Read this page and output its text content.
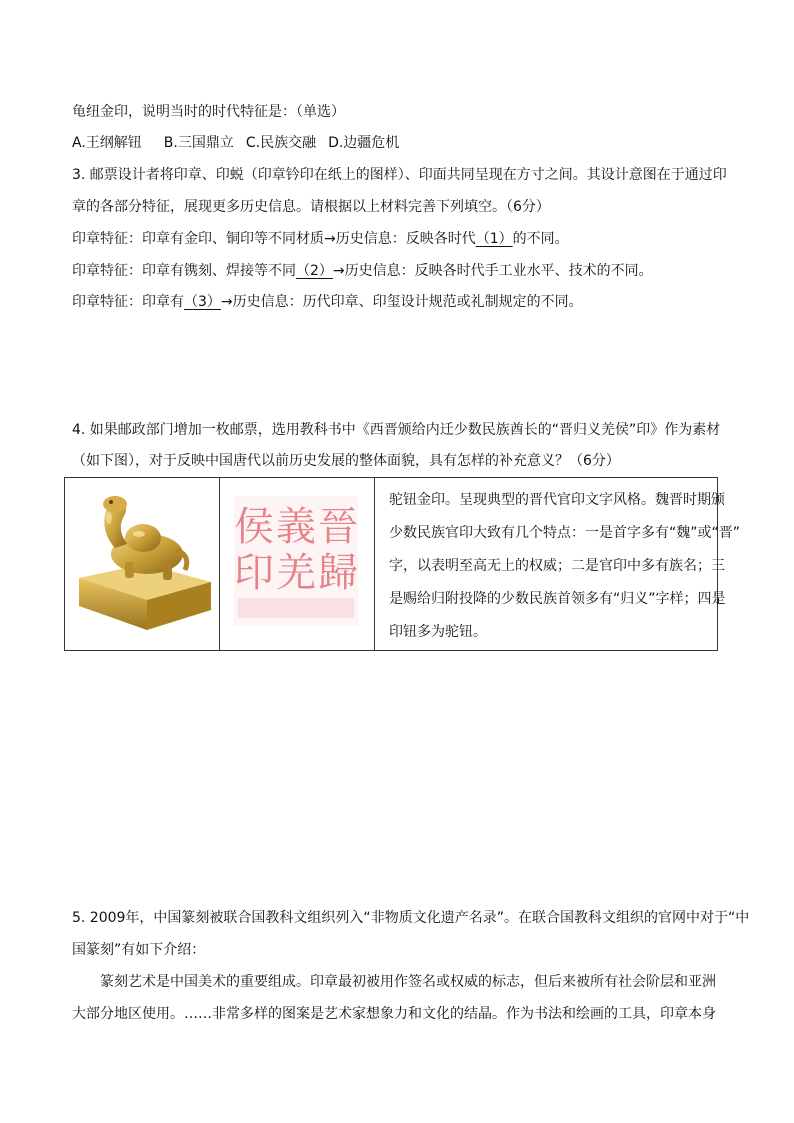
龟纽金印，说明当时的时代特征是：（单选）
A.王纲解钮 B.三国鼎立 C.民族交融 D.边疆危机
3. 邮票设计者将印章、印蜕（印章钤印在纸上的图样）、印面共同呈现在方寸之间。其设计意图在于通过印
章的各部分特征，展现更多历史信息。请根据以上材料完善下列填空。（6分）
印章特征：印章有金印、铜印等不同材质→历史信息：反映各时代（1）的不同。
印章特征：印章有镌刻、焊接等不同（2）→历史信息：反映各时代手工业水平、技术的不同。
印章特征：印章有（3）→历史信息：历代印章、印玺设计规范或礼制规定的不同。
4. 如果邮政部门增加一枚邮票，选用教科书中《西晋颁给内迁少数民族酋长的“晋归义羌侯”印》作为素材
（如下图），对于反映中国唐代以前历史发展的整体面貌，具有怎样的补充意义？（6分）

晉
歸
義
羌
侯
印

驼钮金印。呈现典型的晋代官印文字风格。魏晋时期颁
少数民族官印大致有几个特点：一是首字多有“魏”或“晋”
字，以表明至高无上的权威；二是官印中多有族名；三
是赐给归附投降的少数民族首领多有“归义”字样；四是
印钮多为驼钮。
5. 2009年，中国篆刻被联合国教科文组织列入“非物质文化遗产名录”。在联合国教科文组织的官网中对于“中
国篆刻”有如下介绍：
篆刻艺术是中国美术的重要组成。印章最初被用作签名或权威的标志，但后来被所有社会阶层和亚洲
大部分地区使用。……非常多样的图案是艺术家想象力和文化的结晶。作为书法和绘画的工具，印章本身
